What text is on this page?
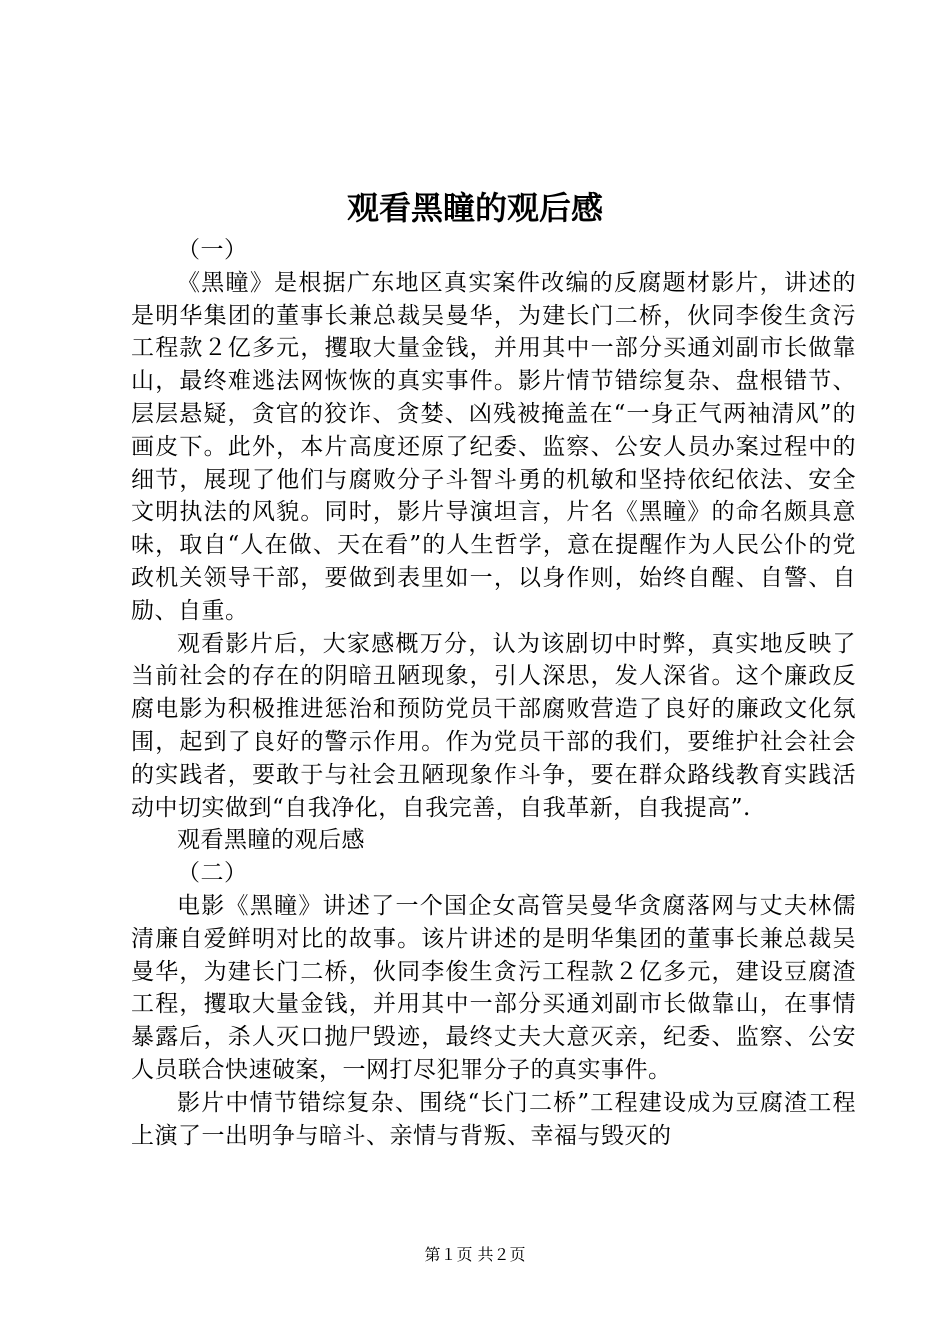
观看黑瞳的观后感

（一）

《黑瞳》是根据广东地区真实案件改编的反腐题材影片，讲述的是明华集团的董事长兼总裁吴曼华，为建长门二桥，伙同李俊生贪污工程款２亿多元，攫取大量金钱，并用其中一部分买通刘副市长做靠山，最终难逃法网恢恢的真实事件。影片情节错综复杂、盘根错节、层层悬疑，贪官的狡诈、贪婪、凶残被掩盖在“一身正气两袖清风”的画皮下。此外，本片高度还原了纪委、监察、公安人员办案过程中的细节，展现了他们与腐败分子斗智斗勇的机敏和坚持依纪依法、安全文明执法的风貌。同时，影片导演坦言，片名《黑瞳》的命名颇具意味，取自“人在做、天在看”的人生哲学，意在提醒作为人民公仆的党政机关领导干部，要做到表里如一，以身作则，始终自醒、自警、自励、自重。

观看影片后，大家感概万分，认为该剧切中时弊，真实地反映了当前社会的存在的阴暗丑陋现象，引人深思，发人深省。这个廉政反腐电影为积极推进惩治和预防党员干部腐败营造了良好的廉政文化氛围，起到了良好的警示作用。作为党员干部的我们，要维护社会社会的实践者，要敢于与社会丑陋现象作斗争，要在群众路线教育实践活动中切实做到“自我净化，自我完善，自我革新，自我提高”.

观看黑瞳的观后感

（二）

电影《黑瞳》讲述了一个国企女高管吴曼华贪腐落网与丈夫林儒清廉自爱鲜明对比的故事。该片讲述的是明华集团的董事长兼总裁吴曼华，为建长门二桥，伙同李俊生贪污工程款２亿多元，建设豆腐渣工程，攫取大量金钱，并用其中一部分买通刘副市长做靠山，在事情暴露后，杀人灭口抛尸毁迹，最终丈夫大意灭亲，纪委、监察、公安人员联合快速破案，一网打尽犯罪分子的真实事件。

影片中情节错综复杂、围绕“长门二桥”工程建设成为豆腐渣工程上演了一出明争与暗斗、亲情与背叛、幸福与毁灭的

第１页 共２页
